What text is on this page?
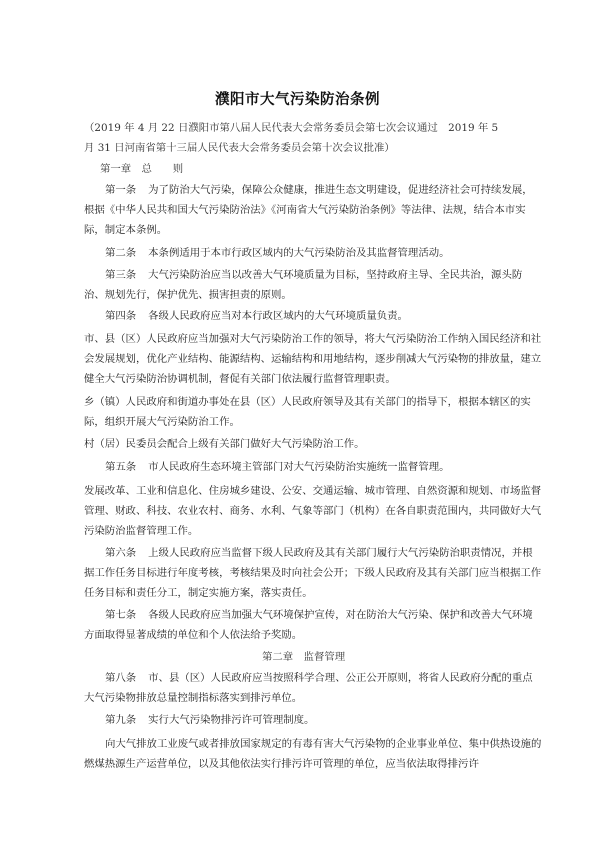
濮阳市大气污染防治条例
（2019 年 4 月 22 日濮阳市第八届人民代表大会常务委员会第七次会议通过　2019 年 5
月 31 日河南省第十三届人民代表大会常务委员会第十次会议批准）
第一章　总　　则
第一条 为了防治大气污染，保障公众健康，推进生态文明建设，促进经济社会可持续发展，根据《中华人民共和国大气污染防治法》《河南省大气污染防治条例》等法律、法规，结合本市实际，制定本条例。
第二条 本条例适用于本市行政区域内的大气污染防治及其监督管理活动。
第三条 大气污染防治应当以改善大气环境质量为目标，坚持政府主导、全民共治，源头防治、规划先行，保护优先、损害担责的原则。
第四条 各级人民政府应当对本行政区域内的大气环境质量负责。
市、县（区）人民政府应当加强对大气污染防治工作的领导，将大气污染防治工作纳入国民经济和社会发展规划，优化产业结构、能源结构、运输结构和用地结构，逐步削减大气污染物的排放量，建立健全大气污染防治协调机制，督促有关部门依法履行监督管理职责。
乡（镇）人民政府和街道办事处在县（区）人民政府领导及其有关部门的指导下，根据本辖区的实际，组织开展大气污染防治工作。
村（居）民委员会配合上级有关部门做好大气污染防治工作。
第五条 市人民政府生态环境主管部门对大气污染防治实施统一监督管理。
发展改革、工业和信息化、住房城乡建设、公安、交通运输、城市管理、自然资源和规划、市场监督管理、财政、科技、农业农村、商务、水利、气象等部门（机构）在各自职责范围内，共同做好大气污染防治监督管理工作。
第六条 上级人民政府应当监督下级人民政府及其有关部门履行大气污染防治职责情况，并根据工作任务目标进行年度考核，考核结果及时向社会公开；下级人民政府及其有关部门应当根据工作任务目标和责任分工，制定实施方案，落实责任。
第七条 各级人民政府应当加强大气环境保护宣传，对在防治大气污染、保护和改善大气环境方面取得显著成绩的单位和个人依法给予奖励。
第二章　监督管理
第八条 市、县（区）人民政府应当按照科学合理、公正公开原则，将省人民政府分配的重点大气污染物排放总量控制指标落实到排污单位。
第九条 实行大气污染物排污许可管理制度。
向大气排放工业废气或者排放国家规定的有毒有害大气污染物的企业事业单位、集中供热设施的燃煤热源生产运营单位，以及其他依法实行排污许可管理的单位，应当依法取得排污许
